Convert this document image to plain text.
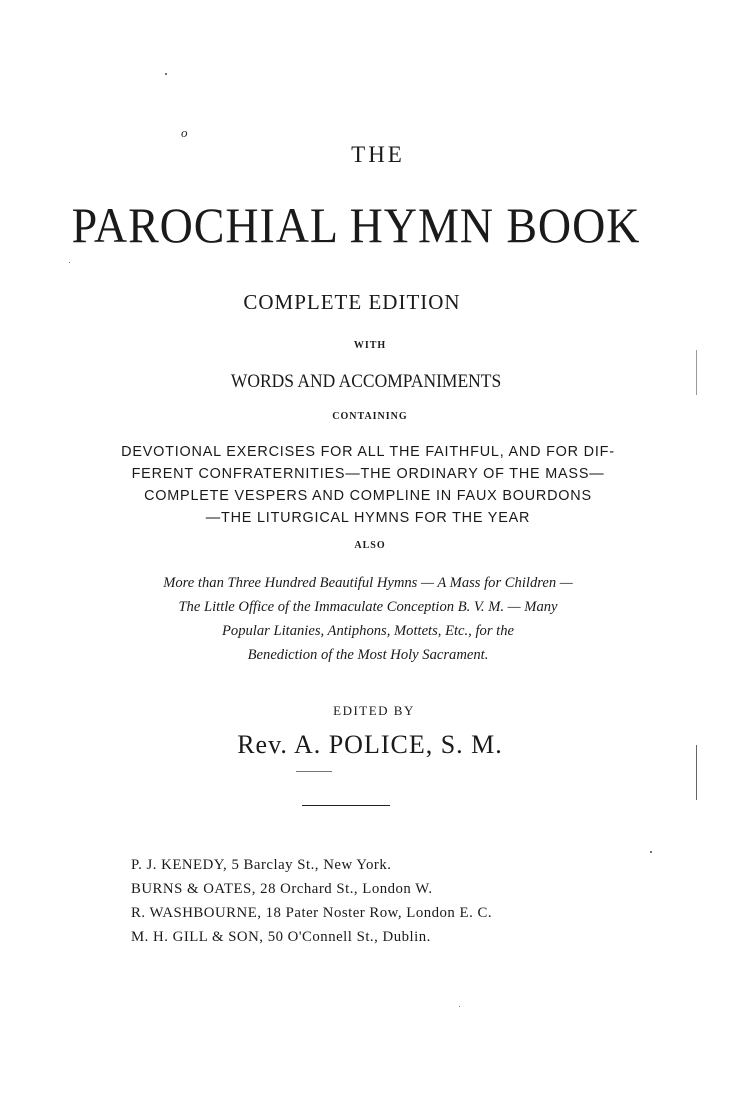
o
THE
PAROCHIAL HYMN BOOK
COMPLETE EDITION
WITH
WORDS AND ACCOMPANIMENTS
CONTAINING
DEVOTIONAL EXERCISES FOR ALL THE FAITHFUL, AND FOR DIF-
FERENT CONFRATERNITIES—THE ORDINARY OF THE MASS—
COMPLETE VESPERS AND COMPLINE IN FAUX BOURDONS
—THE LITURGICAL HYMNS FOR THE YEAR
ALSO
More than Three Hundred Beautiful Hymns — A Mass for Children —
The Little Office of the Immaculate Conception B. V. M. — Many
Popular Litanies, Antiphons, Mottets, Etc., for the
Benediction of the Most Holy Sacrament.
EDITED BY
Rev. A. POLICE, S. M.
P. J. KENEDY, 5 Barclay St., New York.
BURNS & OATES, 28 Orchard St., London W.
R. WASHBOURNE, 18 Pater Noster Row, London E. C.
M. H. GILL & SON, 50 O'Connell St., Dublin.
